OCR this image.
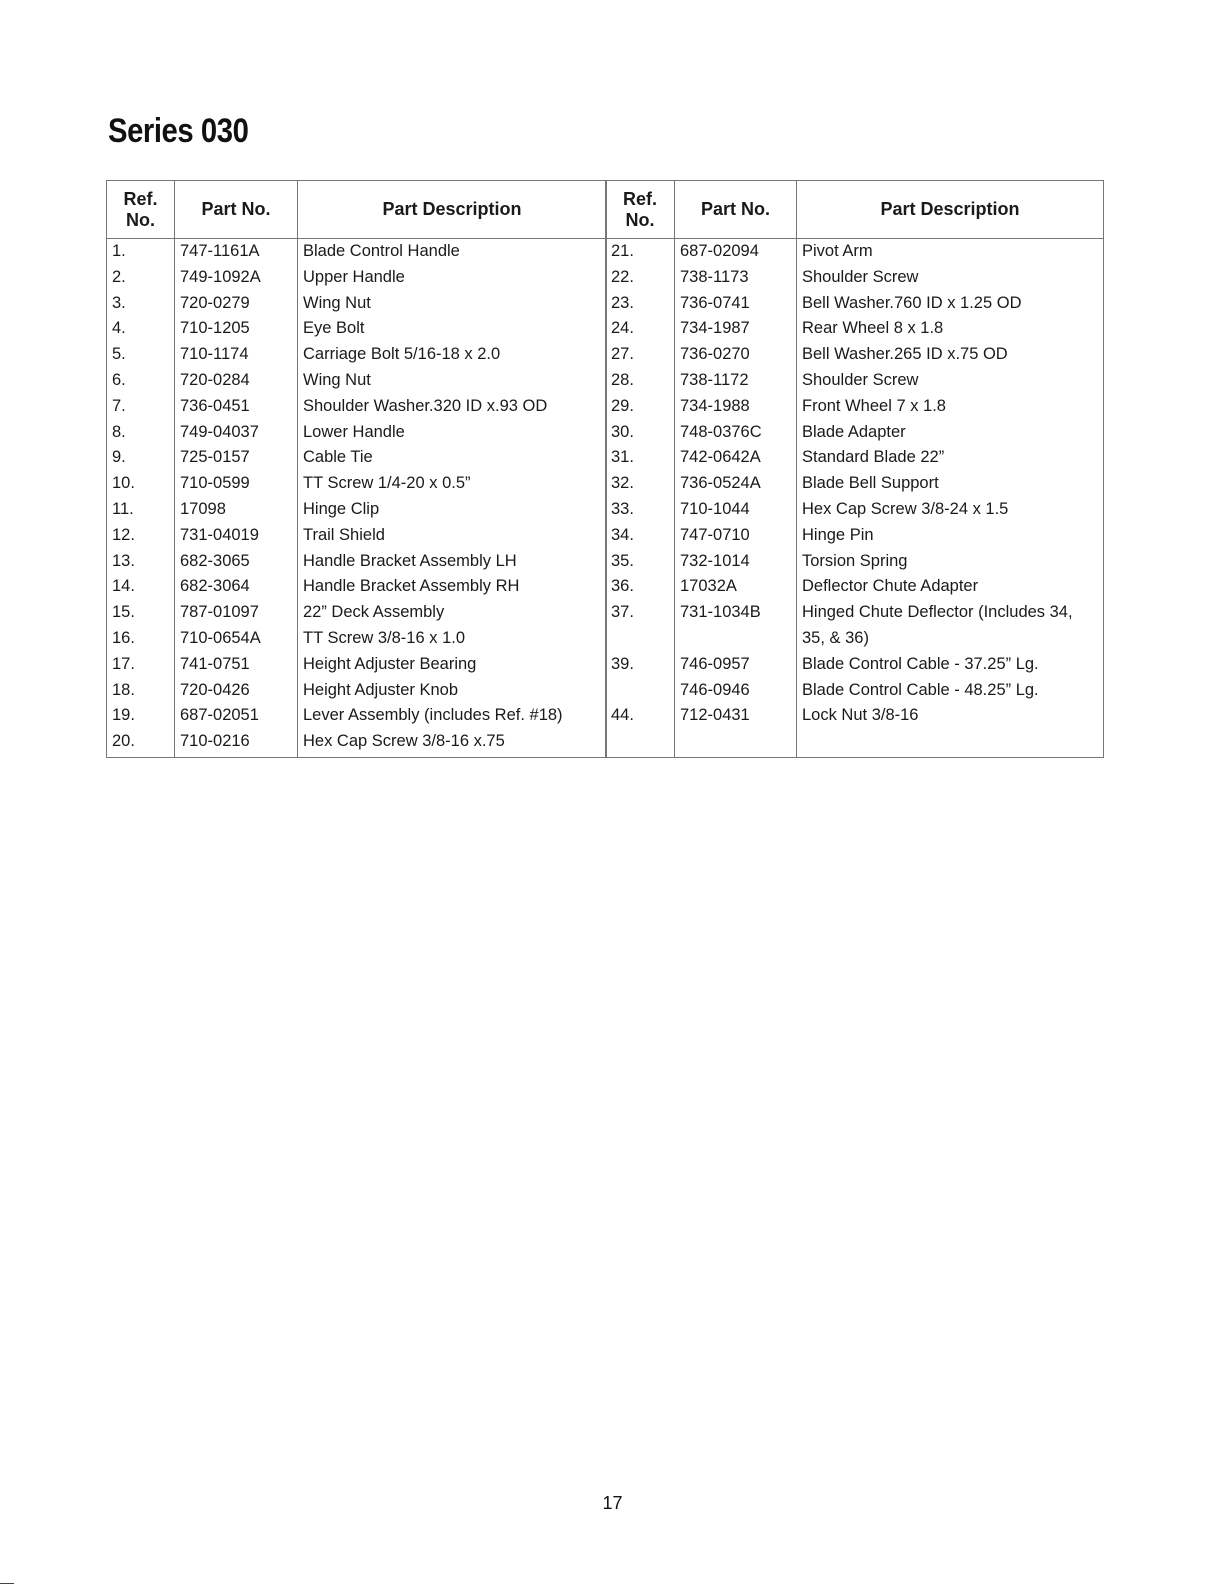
Series 030
Ref.
No.	Part No.	Part Description
1.	747-1161A	Blade Control Handle
2.	749-1092A	Upper Handle
3.	720-0279	Wing Nut
4.	710-1205	Eye Bolt
5.	710-1174	Carriage Bolt 5/16-18 x 2.0
6.	720-0284	Wing Nut
7.	736-0451	Shoulder Washer.320 ID x.93 OD
8.	749-04037	Lower Handle
9.	725-0157	Cable Tie
10.	710-0599	TT Screw 1/4-20 x 0.5”
11.	17098	Hinge Clip
12.	731-04019	Trail Shield
13.	682-3065	Handle Bracket Assembly LH
14.	682-3064	Handle Bracket Assembly RH
15.	787-01097	22” Deck Assembly
16.	710-0654A	TT Screw 3/8-16 x 1.0
17.	741-0751	Height Adjuster Bearing
18.	720-0426	Height Adjuster Knob
19.	687-02051	Lever Assembly (includes Ref. #18)
20.	710-0216	Hex Cap Screw 3/8-16 x.75
Ref.
No.	Part No.	Part Description
21.	687-02094	Pivot Arm
22.	738-1173	Shoulder Screw
23.	736-0741	Bell Washer.760 ID x 1.25 OD
24.	734-1987	Rear Wheel 8 x 1.8
27.	736-0270	Bell Washer.265 ID x.75 OD
28.	738-1172	Shoulder Screw
29.	734-1988	Front Wheel 7 x 1.8
30.	748-0376C	Blade Adapter
31.	742-0642A	Standard Blade 22”
32.	736-0524A	Blade Bell Support
33.	710-1044	Hex Cap Screw 3/8-24 x 1.5
34.	747-0710	Hinge Pin
35.	732-1014	Torsion Spring
36.	17032A	Deflector Chute Adapter
37.	731-1034B	Hinged Chute Deflector (Includes 34,
		35, & 36)
39.	746-0957	Blade Control Cable - 37.25” Lg.
	746-0946	Blade Control Cable - 48.25” Lg.
44.	712-0431	Lock Nut 3/8-16

17
